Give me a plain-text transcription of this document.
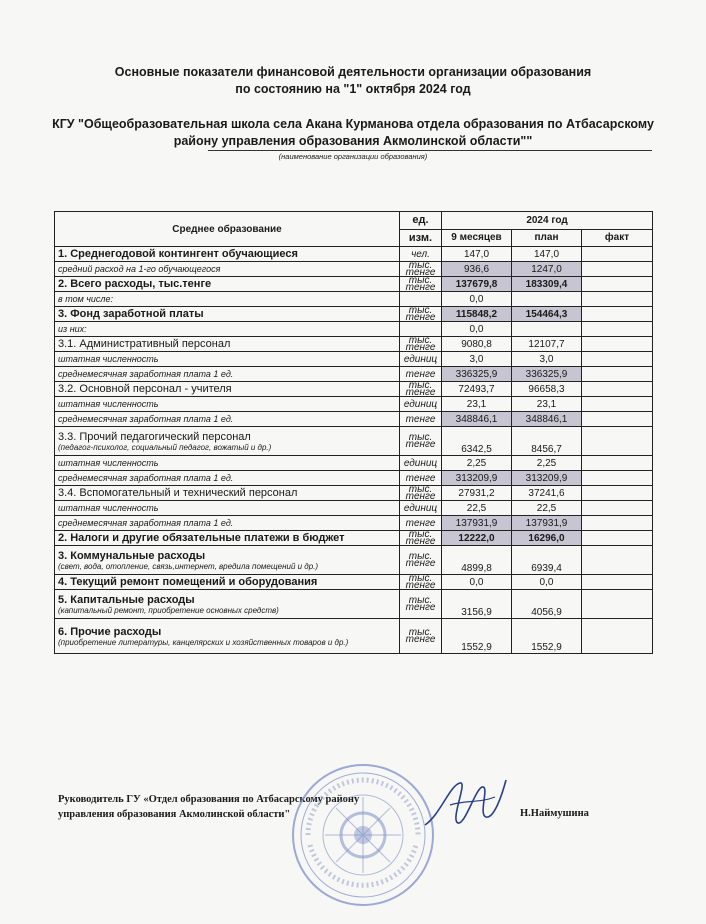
Основные показатели финансовой деятельности организации образования
по состоянию на "1" октября 2024 год
КГУ "Общеобразовательная школа села Акана Курманова отдела образования по Атбасарскому
району управления образования Акмолинской области""
(наименование организации образования)
Среднее образование	ед.	2024 год		
	изм.	9 месяцев	план	факт
1. Среднегодовой контингент обучающиеся	чел.	147,0	147,0	
средний расход на 1-го обучающегося	тыс. тенге	936,6	1247,0	
2. Всего расходы, тыс.тенге	тыс. тенге	137679,8	183309,4	
в том числе:		0,0		
3. Фонд заработной платы	тыс. тенге	115848,2	154464,3	
из них:		0,0		
3.1. Административный персонал	тыс. тенге	9080,8	12107,7	
штатная численность	единиц	3,0	3,0	
среднемесячная заработная плата 1 ед.	тенге	336325,9	336325,9	
3.2. Основной персонал - учителя	тыс. тенге	72493,7	96658,3	
штатная численность	единиц	23,1	23,1	
среднемесячная заработная плата 1 ед.	тенге	348846,1	348846,1	
3.3. Прочий педагогический персонал
(педагог-психолог, социальный педагог, вожатый и др.)	тыс. тенге	6342,5	8456,7	
штатная численность	единиц	2,25	2,25	
среднемесячная заработная плата 1 ед.	тенге	313209,9	313209,9	
3.4. Вспомогательный и технический персонал	тыс. тенге	27931,2	37241,6	
штатная численность	единиц	22,5	22,5	
среднемесячная заработная плата 1 ед.	тенге	137931,9	137931,9	
2. Налоги и другие обязательные платежи в бюджет	тыс. тенге	12222,0	16296,0	
3. Коммунальные расходы
(свет, вода, отопление, связь,интернет, вредила помещений и др.)	тыс. тенге	4899,8	6939,4	
4. Текущий ремонт помещений и оборудования	тыс. тенге	0,0	0,0	
5. Капитальные расходы
(капитальный ремонт, приобретение основных средств)	тыс. тенге	3156,9	4056,9	
6. Прочие расходы
(приобретение литературы, канцелярских и хозяйственных товаров и др.)	тыс. тенге	1552,9	1552,9	
Руководитель ГУ «Отдел образования по Атбасарскому району
управления образования Акмолинской области"	Н.Наймушина
